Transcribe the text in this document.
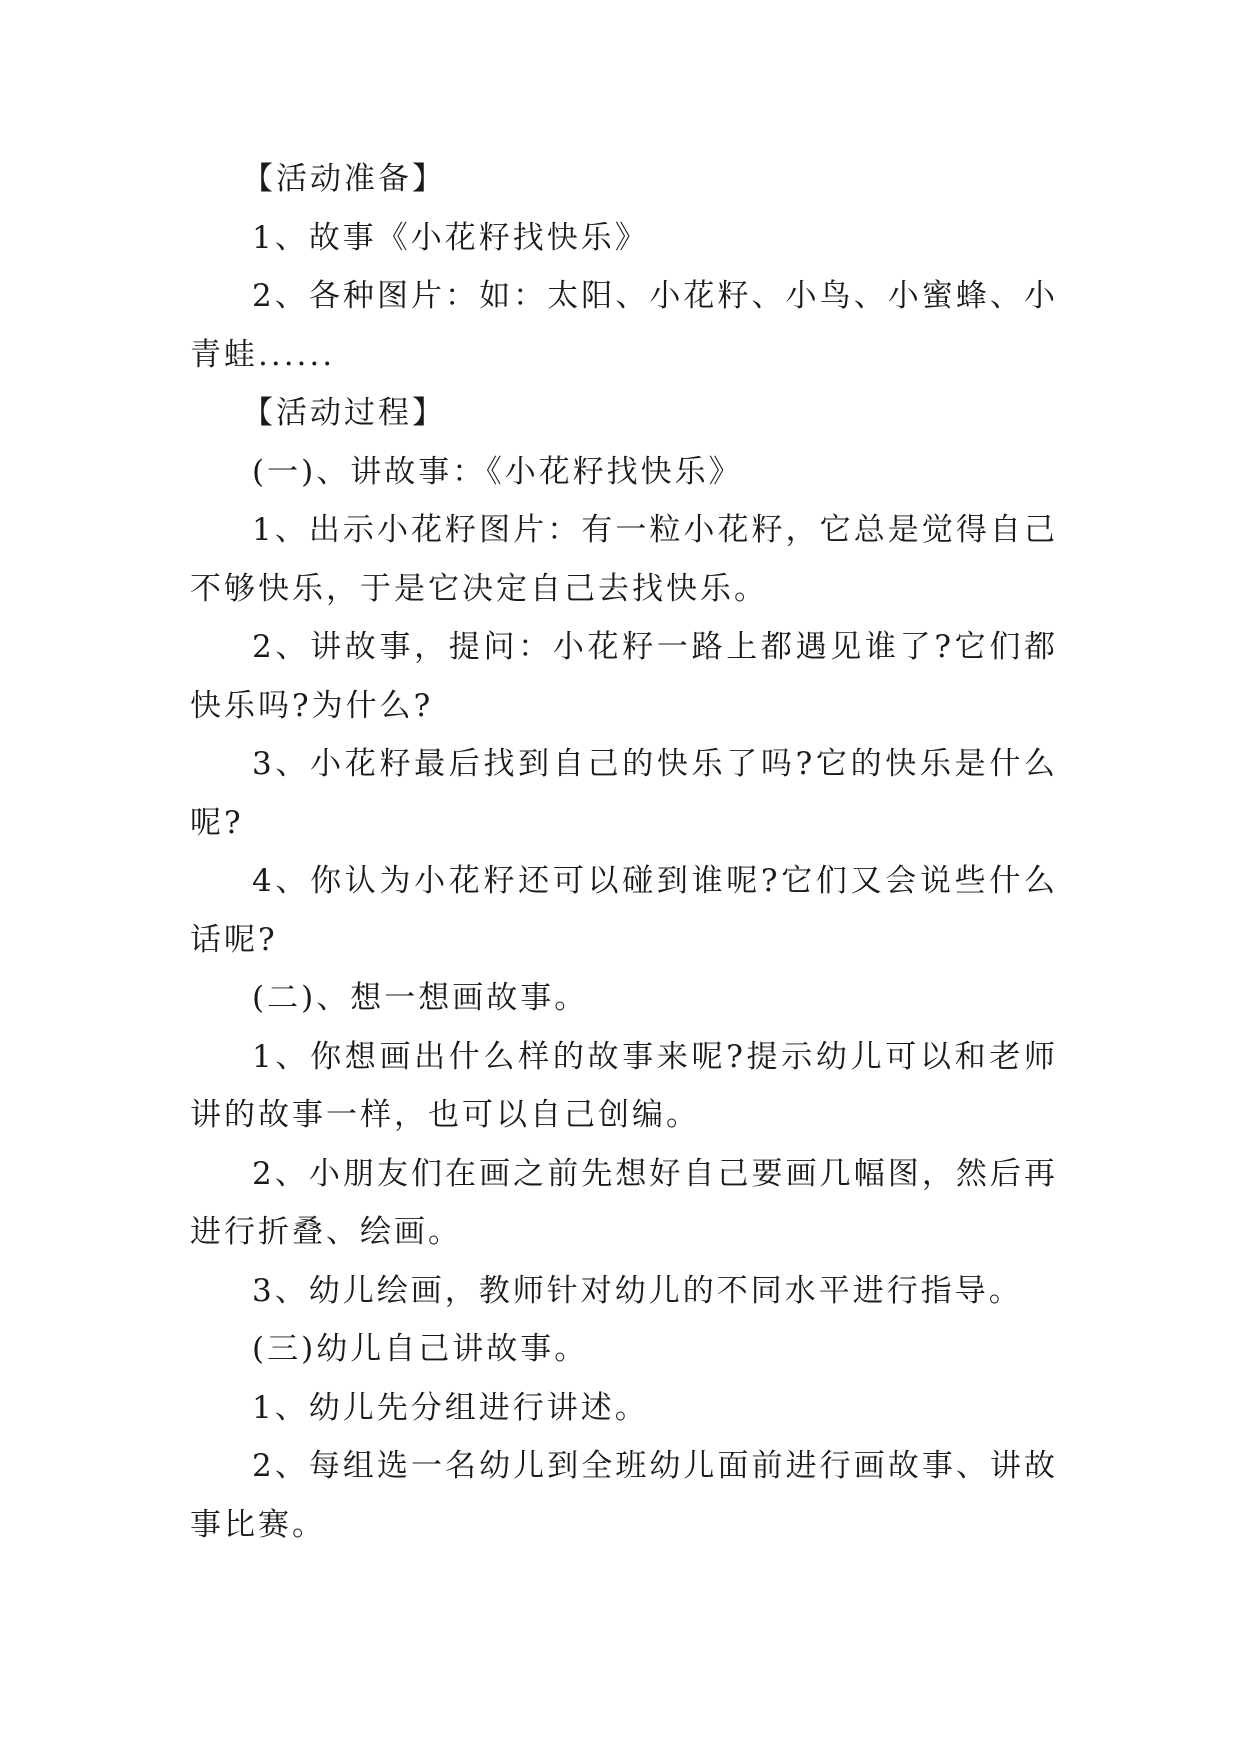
【活动准备】

1、故事《小花籽找快乐》

2、各种图片：如：太阳、小花籽、小鸟、小蜜蜂、小青蛙......

【活动过程】

(一)、讲故事：《小花籽找快乐》

1、出示小花籽图片：有一粒小花籽，它总是觉得自己不够快乐，于是它决定自己去找快乐。

2、讲故事，提问：小花籽一路上都遇见谁了?它们都快乐吗?为什么?

3、小花籽最后找到自己的快乐了吗?它的快乐是什么呢?

4、你认为小花籽还可以碰到谁呢?它们又会说些什么话呢?

(二)、想一想画故事。

1、你想画出什么样的故事来呢?提示幼儿可以和老师讲的故事一样，也可以自己创编。

2、小朋友们在画之前先想好自己要画几幅图，然后再进行折叠、绘画。

3、幼儿绘画，教师针对幼儿的不同水平进行指导。

(三)幼儿自己讲故事。

1、幼儿先分组进行讲述。

2、每组选一名幼儿到全班幼儿面前进行画故事、讲故事比赛。
